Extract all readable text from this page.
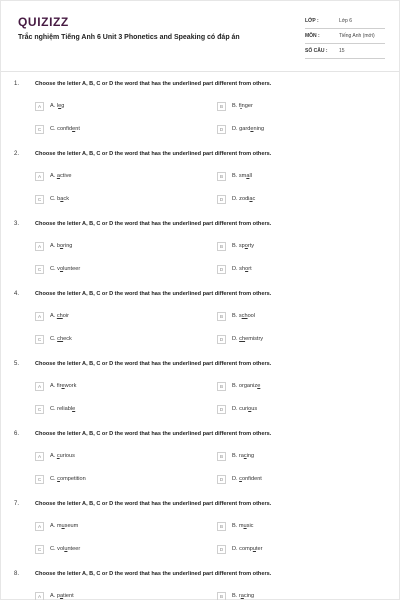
QUIZIZZ
Trắc nghiệm Tiếng Anh 6 Unit 3 Phonetics and Speaking có đáp án
LỚP :	Lớp 6
MÔN :	Tiếng Anh (mới)
SỐ CÂU :	15
1.	Choose the letter A, B, C or D the word that has the underlined part different from others.
A	A. leg	B	B. finger
C	C. confident	D	D. gardening
2.	Choose the letter A, B, C or D the word that has the underlined part different from others.
A	A. active	B	B. small
C	C. back	D	D. zodiac
3.	Choose the letter A, B, C or D the word that has the underlined part different from others.
A	A. boring	B	B. sporty
C	C. volunteer	D	D. short
4.	Choose the letter A, B, C or D the word that has the underlined part different from others.
A	A. choir	B	B. school
C	C. check	D	D. chemistry
5.	Choose the letter A, B, C or D the word that has the underlined part different from others.
A	A. firework	B	B. organize
C	C. reliable	D	D. curious
6.	Choose the letter A, B, C or D the word that has the underlined part different from others.
A	A. curious	B	B. racing
C	C. competition	D	D. confident
7.	Choose the letter A, B, C or D the word that has the underlined part different from others.
A	A. museum	B	B. music
C	C. volunteer	D	D. computer
8.	Choose the letter A, B, C or D the word that has the underlined part different from others.
A	A. patient	B	B. racing
